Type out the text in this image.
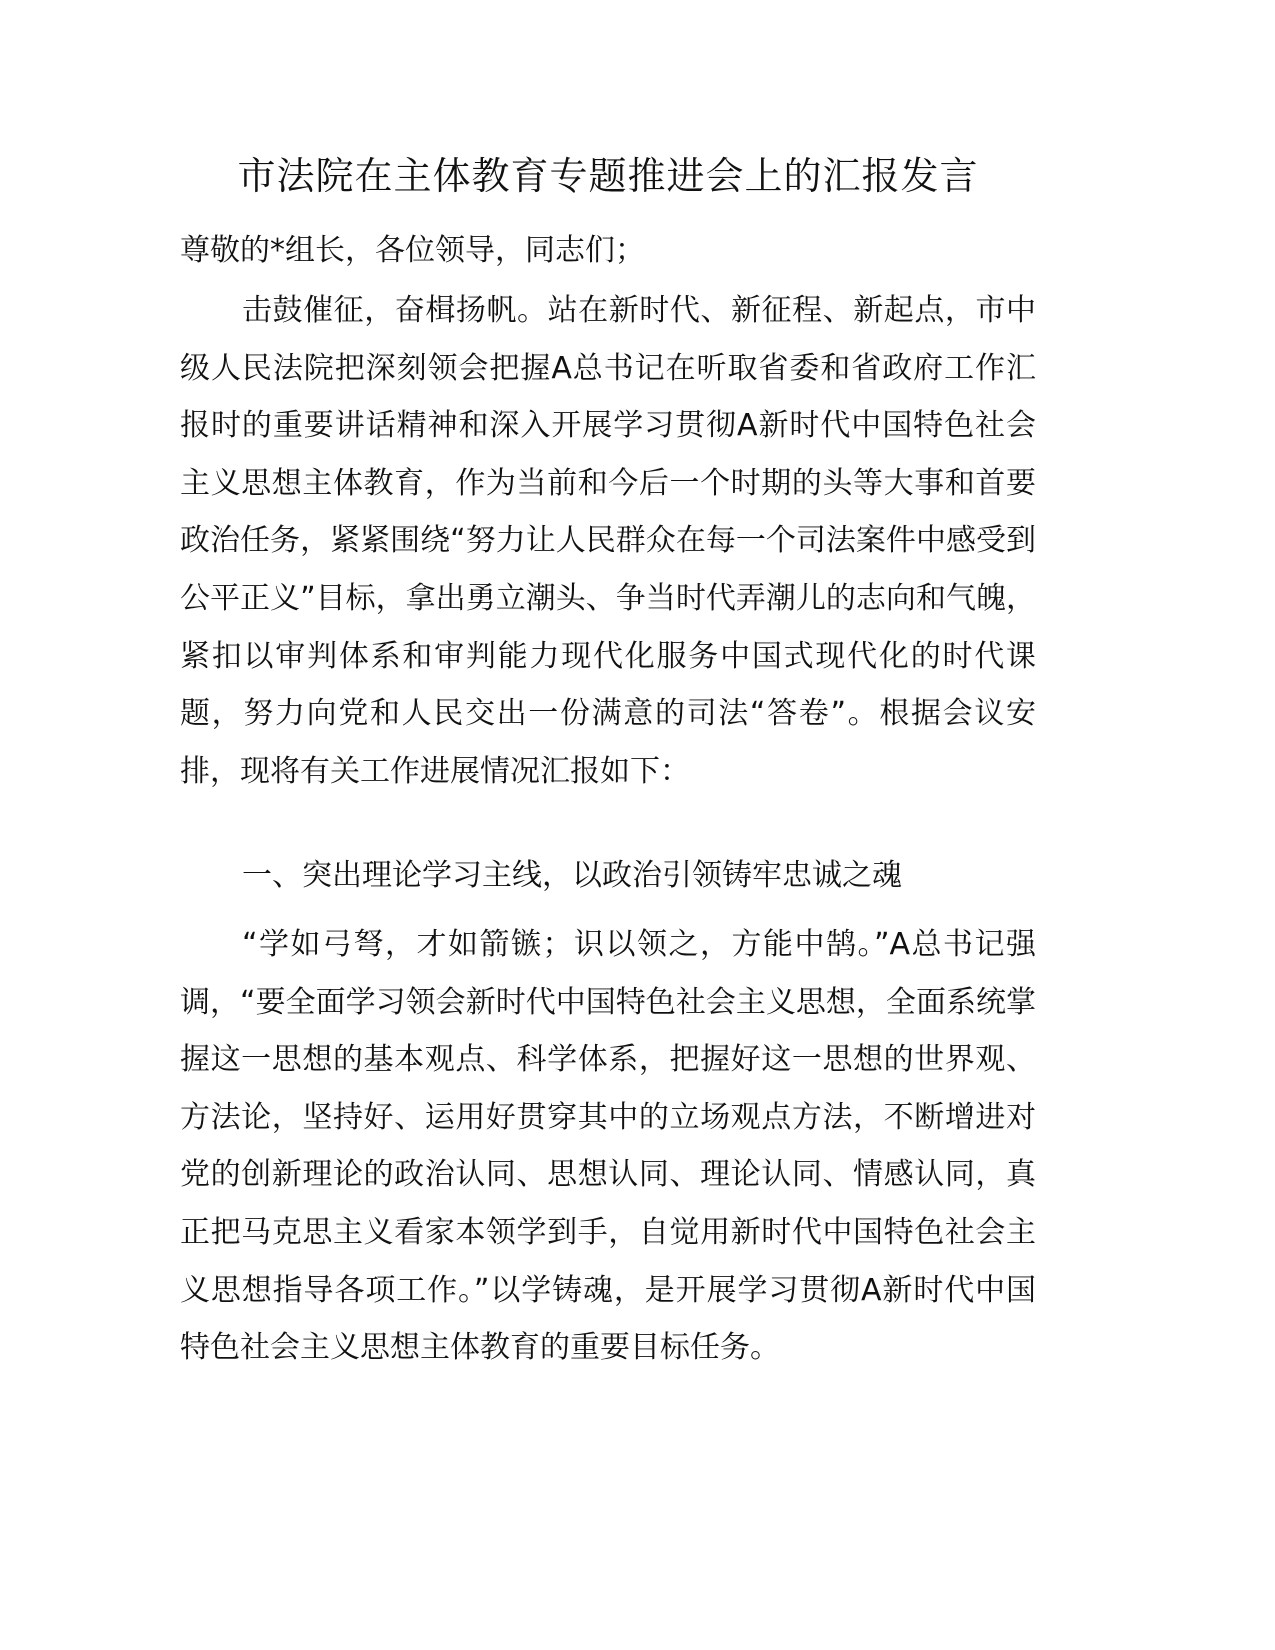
市法院在主体教育专题推进会上的汇报发言

尊敬的*组长，各位领导，同志们；

击鼓催征，奋楫扬帆。站在新时代、新征程、新起点，市中级人民法院把深刻领会把握A总书记在听取省委和省政府工作汇报时的重要讲话精神和深入开展学习贯彻A新时代中国特色社会主义思想主体教育，作为当前和今后一个时期的头等大事和首要政治任务，紧紧围绕“努力让人民群众在每一个司法案件中感受到公平正义”目标，拿出勇立潮头、争当时代弄潮儿的志向和气魄，紧扣以审判体系和审判能力现代化服务中国式现代化的时代课题，努力向党和人民交出一份满意的司法“答卷”。根据会议安排，现将有关工作进展情况汇报如下：

一、突出理论学习主线，以政治引领铸牢忠诚之魂

“学如弓弩，才如箭镞；识以领之，方能中鹄。”A总书记强调，“要全面学习领会新时代中国特色社会主义思想，全面系统掌握这一思想的基本观点、科学体系，把握好这一思想的世界观、方法论，坚持好、运用好贯穿其中的立场观点方法，不断增进对党的创新理论的政治认同、思想认同、理论认同、情感认同，真正把马克思主义看家本领学到手，自觉用新时代中国特色社会主义思想指导各项工作。”以学铸魂，是开展学习贯彻A新时代中国特色社会主义思想主体教育的重要目标任务。
